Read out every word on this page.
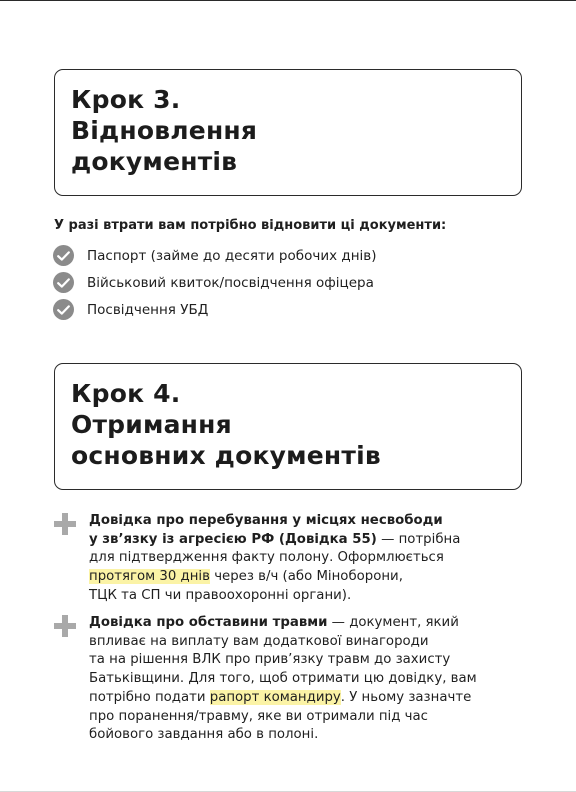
Крок 3.
Відновлення
документів
У разі втрати вам потрібно відновити ці документи:
Паспорт (займе до десяти робочих днів)
Військовий квиток/посвідчення офіцера
Посвідчення УБД
Крок 4.
Отримання
основних документів
Довідка про перебування у місцях несвободи
у зв’язку із агресією РФ (Довідка 55) — потрібна
для підтвердження факту полону. Оформлюється
протягом 30 днів через в/ч (або Міноборони,
ТЦК та СП чи правоохоронні органи).
Довідка про обставини травми — документ, який
впливає на виплату вам додаткової винагороди
та на рішення ВЛК про прив’язку травм до захисту
Батьківщини. Для того, щоб отримати цю довідку, вам
потрібно подати рапорт командиру. У ньому зазначте
про поранення/травму, яке ви отримали під час
бойового завдання або в полоні.
